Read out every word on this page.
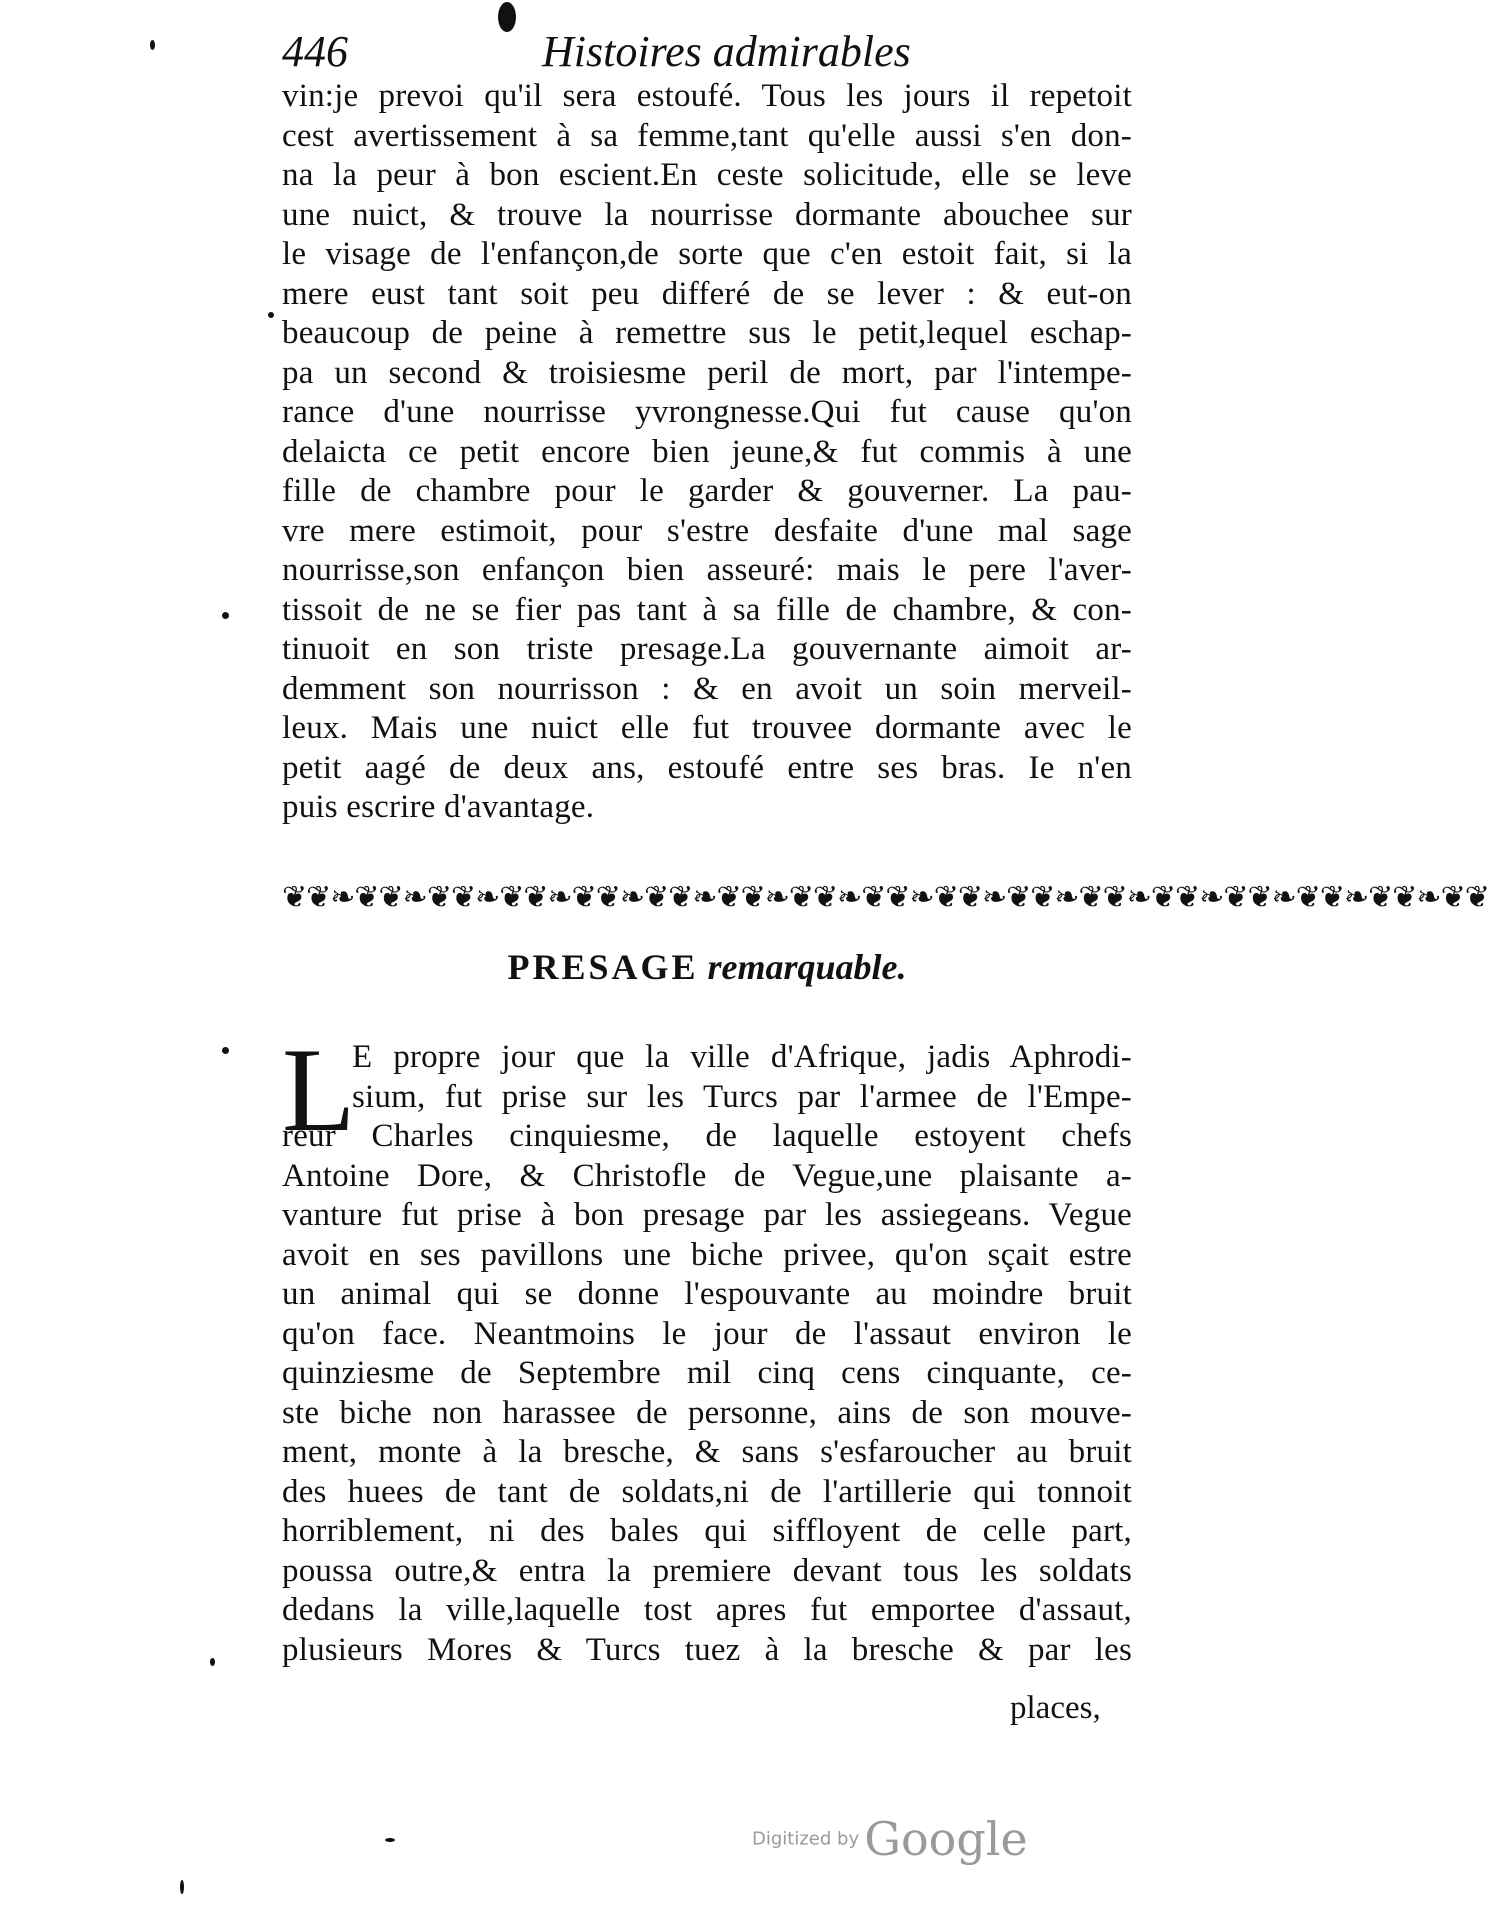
446	Histoires admirables
vin:je prevoi qu'il sera estoufé. Tous les jours il repetoit
cest avertissement à sa femme,tant qu'elle aussi s'en don-
na la peur à bon escient.En ceste solicitude, elle se leve
une nuict, & trouve la nourrisse dormante abouchee sur
le visage de l'enfançon,de sorte que c'en estoit fait, si la
mere eust tant soit peu differé de se lever : & eut-on
beaucoup de peine à remettre sus le petit,lequel eschap-
pa un second & troisiesme peril de mort, par l'intempe-
rance d'une nourrisse yvrongnesse.Qui fut cause qu'on
delaicta ce petit encore bien jeune,& fut commis à une
fille de chambre pour le garder & gouverner. La pau-
vre mere estimoit, pour s'estre desfaite d'une mal sage
nourrisse,son enfançon bien asseuré: mais le pere l'aver-
tissoit de ne se fier pas tant à sa fille de chambre, & con-
tinuoit en son triste presage.La gouvernante aimoit ar-
demment son nourrisson : & en avoit un soin merveil-
leux. Mais une nuict elle fut trouvee dormante avec le
petit aagé de deux ans, estoufé entre ses bras. Ie n'en
puis escrire d'avantage.
❦❦❧❦❦❧❦❦❧❦❦❧❦❦❧❦❦❧❦❦❧❦❦❧❦❦❧❦❦❧❦❦❧❦❦❧❦❦❧❦❦❧❦❦❧❦❦❧❦❦
PRESAGE remarquable.
L
E propre jour que la ville d'Afrique, jadis Aphrodi-
sium, fut prise sur les Turcs par l'armee de l'Empe-
reur Charles cinquiesme, de laquelle estoyent chefs
Antoine Dore, & Christofle de Vegue,une plaisante a-
vanture fut prise à bon presage par les assiegeans. Vegue
avoit en ses pavillons une biche privee, qu'on sçait estre
un animal qui se donne l'espouvante au moindre bruit
qu'on face. Neantmoins le jour de l'assaut environ le
quinziesme de Septembre mil cinq cens cinquante, ce-
ste biche non harassee de personne, ains de son mouve-
ment, monte à la bresche, & sans s'esfaroucher au bruit
des huees de tant de soldats,ni de l'artillerie qui tonnoit
horriblement, ni des bales qui siffloyent de celle part,
poussa outre,& entra la premiere devant tous les soldats
dedans la ville,laquelle tost apres fut emportee d'assaut,
plusieurs Mores & Turcs tuez à la bresche & par les
places,
Digitized by Google
